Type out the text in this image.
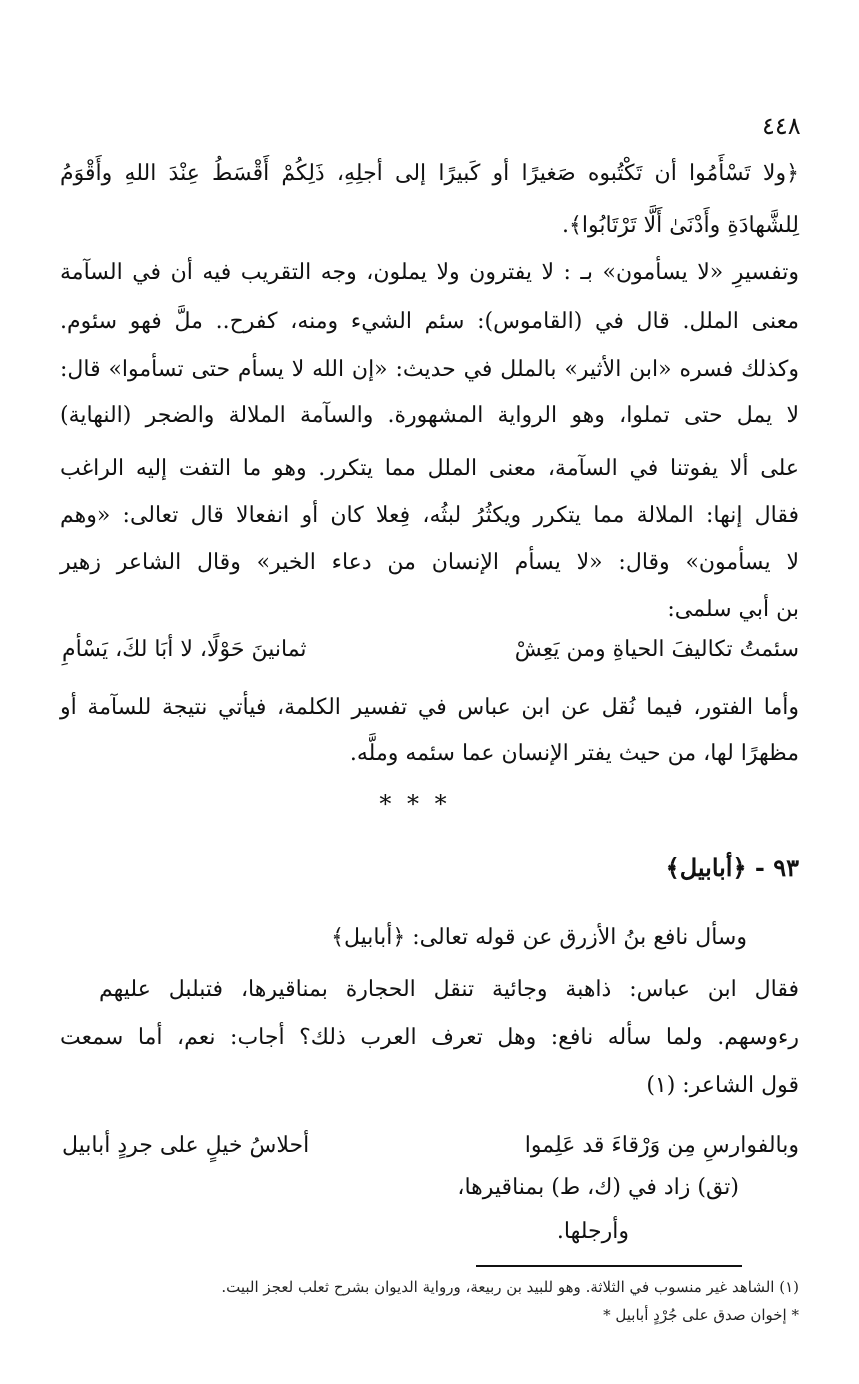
٤٤٨
﴿ولا تَسْأَمُوا أن تَكْتُبوه صَغيرًا أو كَبيرًا إلى أجلِهِ، ذَلِكُمْ أَقْسَطُ عِنْدَ اللهِ وأَقْوَمُ
لِلشَّهادَةِ وأَدْنَىٰ أَلَّا تَرْتَابُوا﴾.
وتفسيرِ «لا يسأمون» بـ : لا يفترون ولا يملون، وجه التقريب فيه أن في السآمة
معنى الملل. قال في (القاموس): سئم الشيء ومنه، كفرح.. ملَّ فهو سئوم.
وكذلك فسره «ابن الأثير» بالملل في حديث: «إن الله لا يسأم حتى تسأموا» قال:
لا يمل حتى تملوا، وهو الرواية المشهورة. والسآمة الملالة والضجر (النهاية)
على ألا يفوتنا في السآمة، معنى الملل مما يتكرر. وهو ما التفت إليه الراغب
فقال إنها: الملالة مما يتكرر ويكثُرُ لبثُه، فِعلا كان أو انفعالا قال تعالى: «وهم
لا يسأمون» وقال: «لا يسأم الإنسان من دعاء الخير» وقال الشاعر زهير
بن أبي سلمى:
سئمتُ تكاليفَ الحياةِ ومن يَعِشْ
ثمانينَ حَوْلًا، لا أبَا لكَ، يَسْأمِ
وأما الفتور، فيما نُقل عن ابن عباس في تفسير الكلمة، فيأتي نتيجة للسآمة أو
مظهرًا لها، من حيث يفتر الإنسان عما سئمه وملَّه.
* * *
٩٣ - ﴿أبابيل﴾
وسأل نافع بنُ الأزرق عن قوله تعالى: ﴿أبابيل﴾
فقال ابن عباس: ذاهبة وجائية تنقل الحجارة بمناقيرها، فتبلبل عليهم
رءوسهم. ولما سأله نافع: وهل تعرف العرب ذلك؟ أجاب: نعم، أما سمعت
قول الشاعر: (١)
وبالفوارسِ مِن وَرْقاءَ قد عَلِموا
أحلاسُ خيلٍ على جردٍ أبابيل
(تق) زاد في (ك، ط) بمناقيرها،
وأرجلها.
(١) الشاهد غير منسوب في الثلاثة. وهو للبيد بن ربيعة، ورواية الديوان بشرح ثعلب لعجز البيت.
* إخوان صدق على جُرْدٍ أبابيل *
